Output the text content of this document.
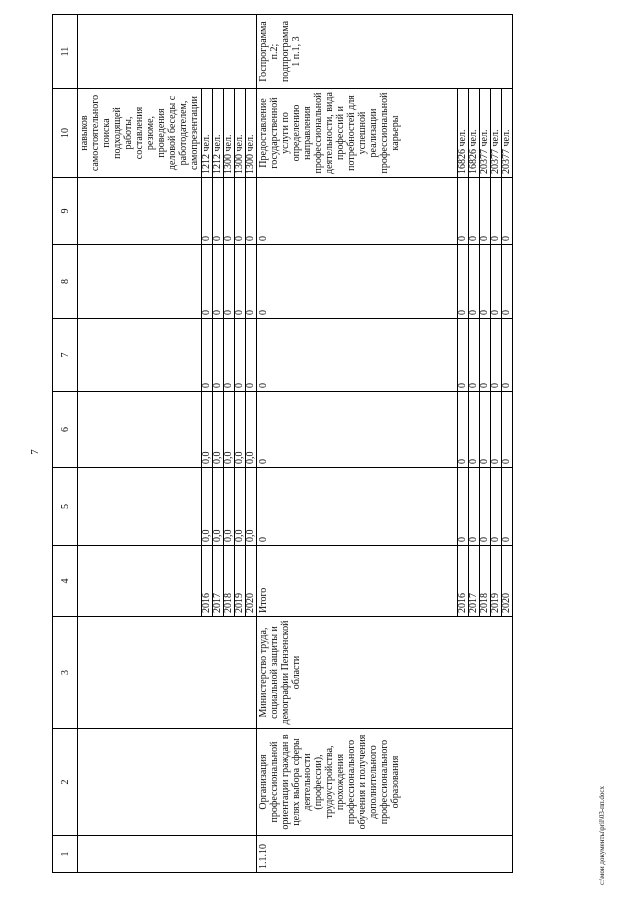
7
c:\мои документы\pril\03-пп.docx
1	2	3	4	5	6	7	8	9	10	11
									навыков самостоятельного поиска подходящей работы, составления резюме, проведения деловой беседы с работодателем, самопрезентации	
			2016	0,0	0,0	0	0	0	1212 чел.	
			2017	0,0	0,0	0	0	0	1212 чел.	
			2018	0,0	0,0	0	0	0	1300 чел.	
			2019	0,0	0,0	0	0	0	1300 чел.	
			2020	0,0	0,0	0	0	0	1300 чел.	
1.1.10	Организация профессиональной ориентации граждан в целях выбора сферы деятельности (профессии), трудоустройства, прохождения профессионального обучения и получения дополнительного профессионального образования	Министерство труда, социальной защиты и демографии Пензенской области	Итого	0	0	0	0	0	Предоставление государственной услуги по определению направления профессиональной деятельности, вида профессий и потребностей для успешной реализации профессиональной карьеры	Госпрограмма п.2; подпрограмма 1 п.1, 3
			2016	0	0	0	0	0	16826 чел.	
			2017	0	0	0	0	0	16826 чел.	
			2018	0	0	0	0	0	20377 чел.	
			2019	0	0	0	0	0	20377 чел.	
			2020	0	0	0	0	0	20377 чел.	
